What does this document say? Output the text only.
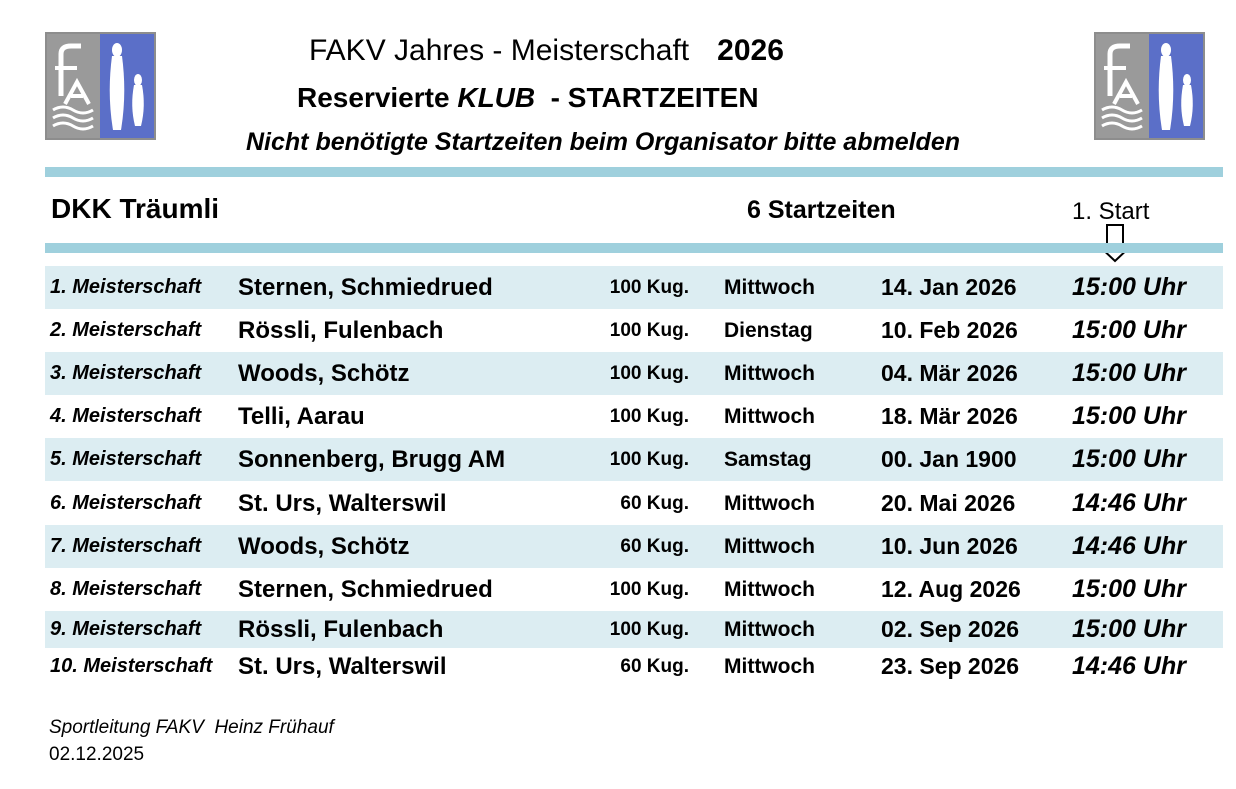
FAKV Jahres - Meisterschaft 2026
Reservierte KLUB  - STARTZEITEN
Nicht benötigte Startzeiten beim Organisator bitte abmelden
DKK Träumli	6 Startzeiten	1. Start
1. Meisterschaft Sternen, Schmiedrued	100 Kug. Mittwoch	14. Jan 2026 15:00 Uhr
2. Meisterschaft Rössli, Fulenbach	100 Kug. Dienstag	10. Feb 2026 15:00 Uhr
3. Meisterschaft Woods, Schötz	100 Kug. Mittwoch	04. Mär 2026 15:00 Uhr
4. Meisterschaft Telli, Aarau	100 Kug. Mittwoch	18. Mär 2026 15:00 Uhr
5. Meisterschaft Sonnenberg, Brugg AM	100 Kug. Samstag	00. Jan 1900 15:00 Uhr
6. Meisterschaft St. Urs, Walterswil	60 Kug. Mittwoch	20. Mai 2026 14:46 Uhr
7. Meisterschaft Woods, Schötz	60 Kug. Mittwoch	10. Jun 2026 14:46 Uhr
8. Meisterschaft Sternen, Schmiedrued	100 Kug. Mittwoch	12. Aug 2026 15:00 Uhr
9. Meisterschaft Rössli, Fulenbach	100 Kug. Mittwoch	02. Sep 2026 15:00 Uhr
10. Meisterschaft St. Urs, Walterswil	60 Kug. Mittwoch	23. Sep 2026 14:46 Uhr
Sportleitung FAKV  Heinz Frühauf
02.12.2025
